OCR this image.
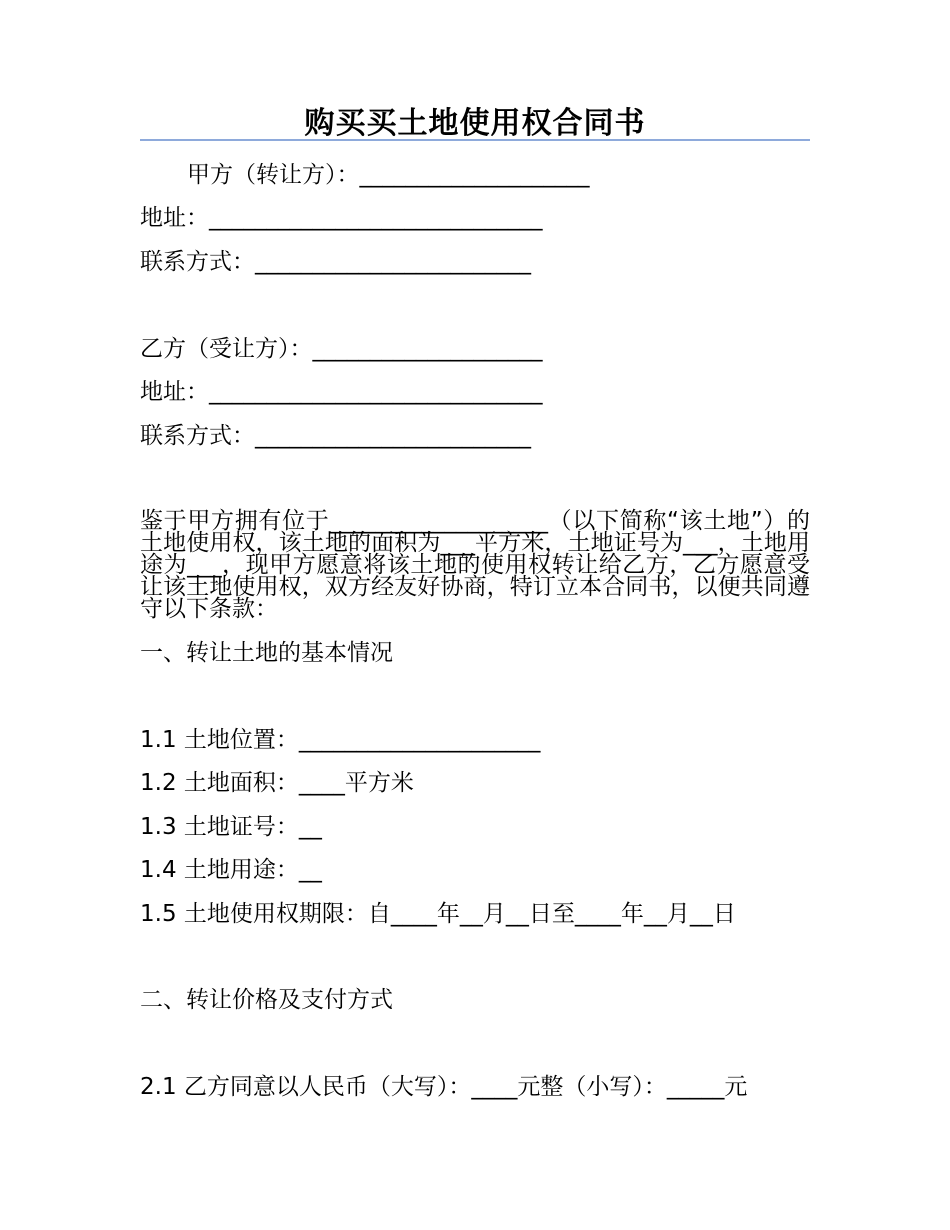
购买买土地使用权合同书
甲方（转让方）：____________________
地址：_____________________________
联系方式：________________________
乙方（受让方）：____________________
地址：_____________________________
联系方式：________________________
鉴于甲方拥有位于___________________（以下简称“该土地”）的土地使用权，该土地的面积为___平方米，土地证号为___，土地用途为___，现甲方愿意将该土地的使用权转让给乙方，乙方愿意受让该土地使用权，双方经友好协商，特订立本合同书，以便共同遵守以下条款：
一、转让土地的基本情况
1.1 土地位置：_____________________
1.2 土地面积：____平方米
1.3 土地证号：__
1.4 土地用途：__
1.5 土地使用权期限：自____年__月__日至____年__月__日
二、转让价格及支付方式
2.1 乙方同意以人民币（大写）：____元整（小写）：_____元
